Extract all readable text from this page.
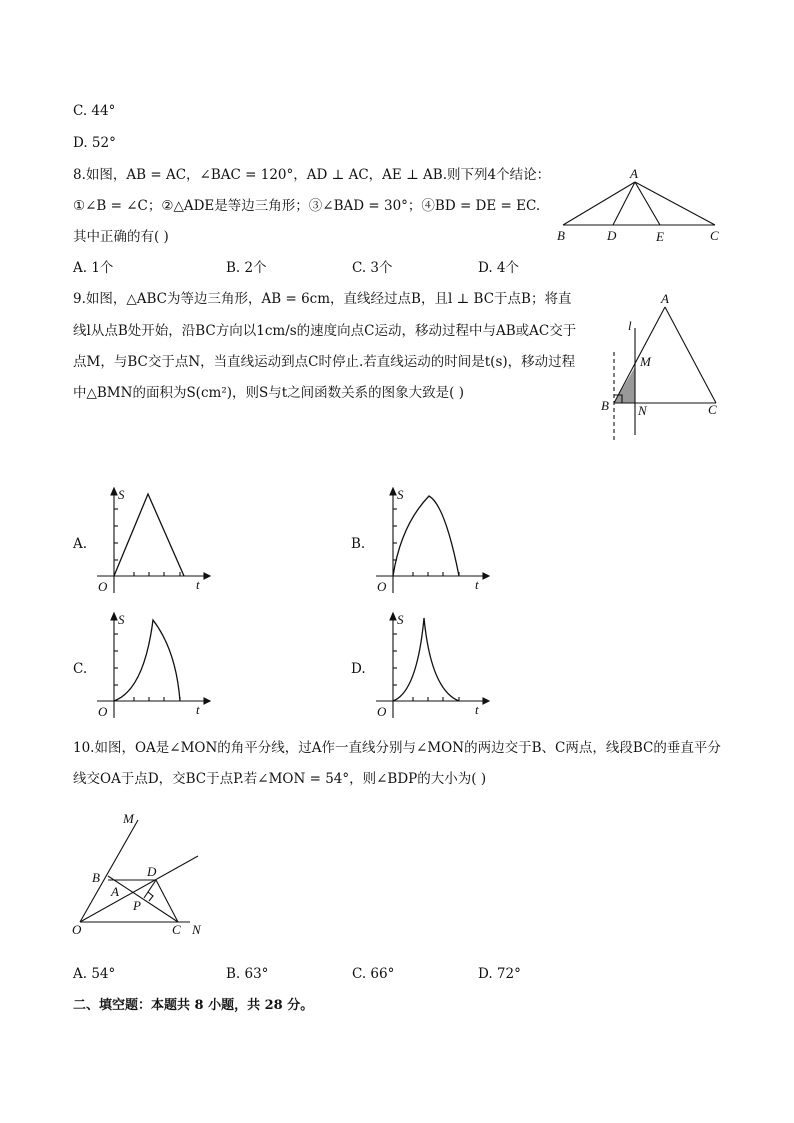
C. 44°
D. 52°
8.如图，AB = AC，∠BAC = 120°，AD ⊥ AC，AE ⊥ AB.则下列4个结论：
①∠B = ∠C；②△ADE是等边三角形；③∠BAD = 30°；④BD = DE = EC.
其中正确的有( )
A. 1个	B. 2个	C. 3个	D. 4个
A
B	D	E	C
9.如图，△ABC为等边三角形，AB = 6cm，直线经过点B，且l ⊥ BC于点B；将直
线l从点B处开始，沿BC方向以1cm/s的速度向点C运动，移动过程中与AB或AC交于
点M，与BC交于点N，当直线运动到点C时停止.若直线运动的时间是t(s)，移动过程
中△BMN的面积为S(cm²)，则S与t之间函数关系的图象大致是( )
A
l
M
B N	C
A.
S
t
O
B.
S
t
O
C.
S
t
O
D.
S
t
O
10.如图，OA是∠MON的角平分线，过A作一直线分别与∠MON的两边交于B、C两点，线段BC的垂直平分
线交OA于点D，交BC于点P.若∠MON = 54°，则∠BDP的大小为( )
M
B	D
A
P
O	C N
A. 54°	B. 63°	C. 66°	D. 72°
二、填空题：本题共 8 小题，共 28 分。
